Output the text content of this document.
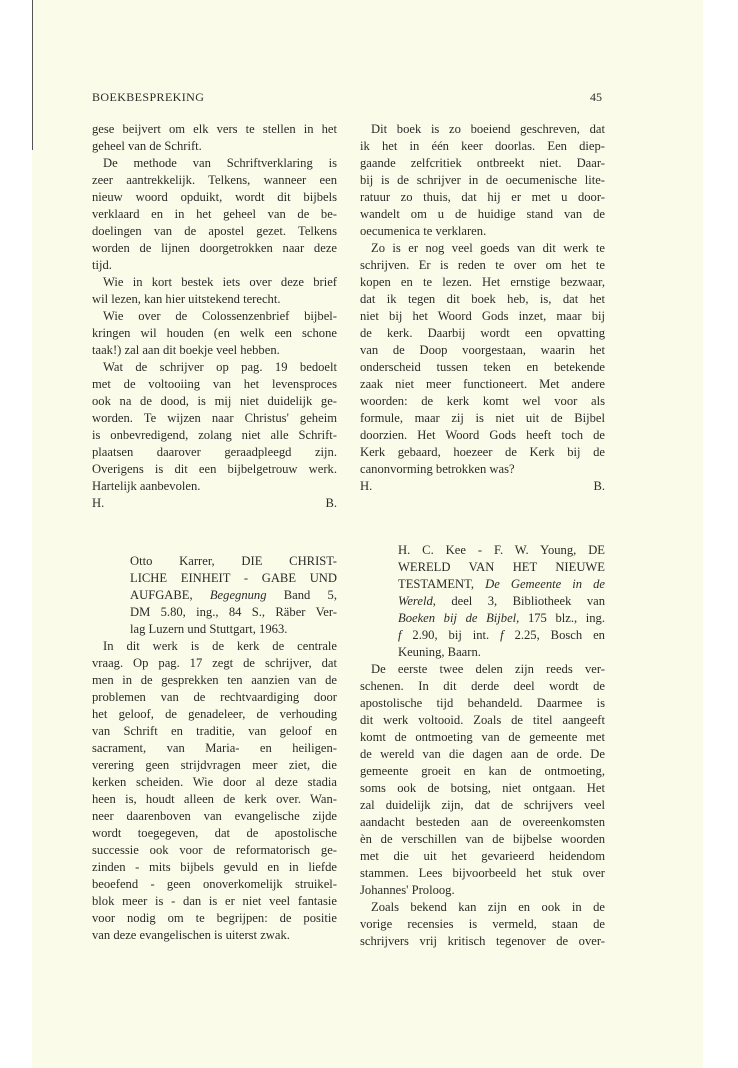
BOEKBESPREKING	45
gese beijvert om elk vers te stellen in het
geheel van de Schrift.
De methode van Schriftverklaring is
zeer aantrekkelijk. Telkens, wanneer een
nieuw woord opduikt, wordt dit bijbels
verklaard en in het geheel van de be-
doelingen van de apostel gezet. Telkens
worden de lijnen doorgetrokken naar deze
tijd.
Wie in kort bestek iets over deze brief
wil lezen, kan hier uitstekend terecht.
Wie over de Colossenzenbrief bijbel-
kringen wil houden (en welk een schone
taak!) zal aan dit boekje veel hebben.
Wat de schrijver op pag. 19 bedoelt
met de voltooiing van het levensproces
ook na de dood, is mij niet duidelijk ge-
worden. Te wijzen naar Christus' geheim
is onbevredigend, zolang niet alle Schrift-
plaatsen daarover geraadpleegd zijn.
Overigens is dit een bijbelgetrouw werk.
Hartelijk aanbevolen.
H.	B.
Otto Karrer, DIE CHRIST-
LICHE EINHEIT - GABE UND
AUFGABE, Begegnung Band 5,
DM 5.80, ing., 84 S., Räber Ver-
lag Luzern und Stuttgart, 1963.
In dit werk is de kerk de centrale
vraag. Op pag. 17 zegt de schrijver, dat
men in de gesprekken ten aanzien van de
problemen van de rechtvaardiging door
het geloof, de genadeleer, de verhouding
van Schrift en traditie, van geloof en
sacrament, van Maria- en heiligen-
verering geen strijdvragen meer ziet, die
kerken scheiden. Wie door al deze stadia
heen is, houdt alleen de kerk over. Wan-
neer daarenboven van evangelische zijde
wordt toegegeven, dat de apostolische
successie ook voor de reformatorisch ge-
zinden - mits bijbels gevuld en in liefde
beoefend - geen onoverkomelijk struikel-
blok meer is - dan is er niet veel fantasie
voor nodig om te begrijpen: de positie
van deze evangelischen is uiterst zwak.
Dit boek is zo boeiend geschreven, dat
ik het in één keer doorlas. Een diep-
gaande zelfcritiek ontbreekt niet. Daar-
bij is de schrijver in de oecumenische lite-
ratuur zo thuis, dat hij er met u door-
wandelt om u de huidige stand van de
oecumenica te verklaren.
Zo is er nog veel goeds van dit werk te
schrijven. Er is reden te over om het te
kopen en te lezen. Het ernstige bezwaar,
dat ik tegen dit boek heb, is, dat het
niet bij het Woord Gods inzet, maar bij
de kerk. Daarbij wordt een opvatting
van de Doop voorgestaan, waarin het
onderscheid tussen teken en betekende
zaak niet meer functioneert. Met andere
woorden: de kerk komt wel voor als
formule, maar zij is niet uit de Bijbel
doorzien. Het Woord Gods heeft toch de
Kerk gebaard, hoezeer de Kerk bij de
canonvorming betrokken was?
H.	B.
H. C. Kee - F. W. Young, DE
WERELD VAN HET NIEUWE
TESTAMENT, De Gemeente in de
Wereld, deel 3, Bibliotheek van
Boeken bij de Bijbel, 175 blz., ing.
f 2.90, bij int. f 2.25, Bosch en
Keuning, Baarn.
De eerste twee delen zijn reeds ver-
schenen. In dit derde deel wordt de
apostolische tijd behandeld. Daarmee is
dit werk voltooid. Zoals de titel aangeeft
komt de ontmoeting van de gemeente met
de wereld van die dagen aan de orde. De
gemeente groeit en kan de ontmoeting,
soms ook de botsing, niet ontgaan. Het
zal duidelijk zijn, dat de schrijvers veel
aandacht besteden aan de overeenkomsten
èn de verschillen van de bijbelse woorden
met die uit het gevarieerd heidendom
stammen. Lees bijvoorbeeld het stuk over
Johannes' Proloog.
Zoals bekend kan zijn en ook in de
vorige recensies is vermeld, staan de
schrijvers vrij kritisch tegenover de over-
